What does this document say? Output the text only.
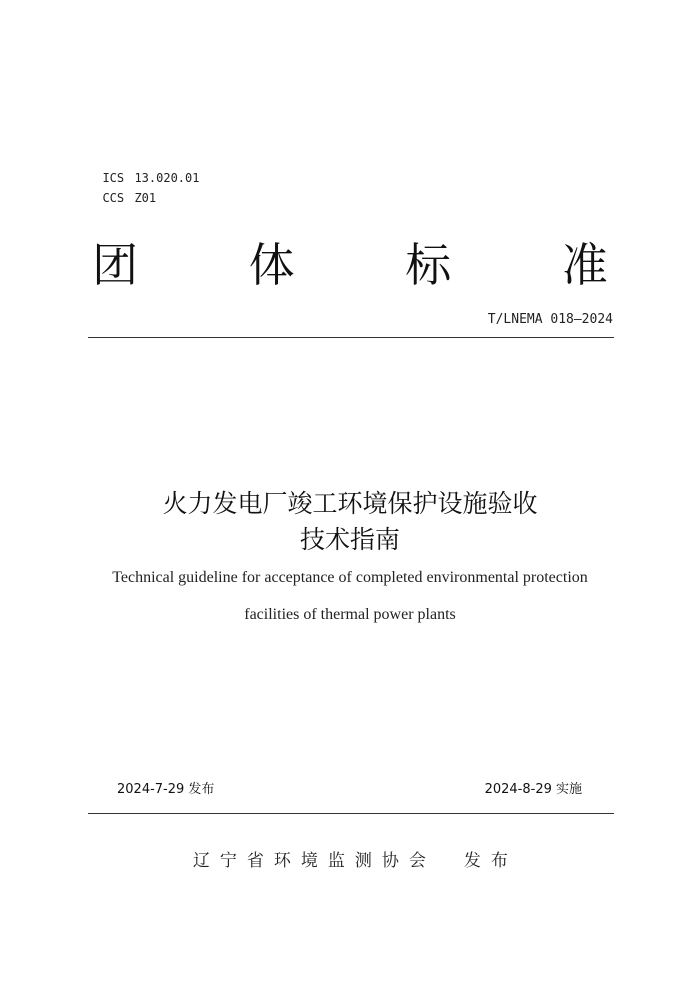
ICS 13.020.01

CCS Z01

团 体 标 准
T/LNEMA 018—2024
火力发电厂竣工环境保护设施验收
技术指南
Technical guideline for acceptance of completed environmental protection
facilities of thermal power plants
2024-7-29 发布	2024-8-29 实施

辽宁省环境监测协会 发布
